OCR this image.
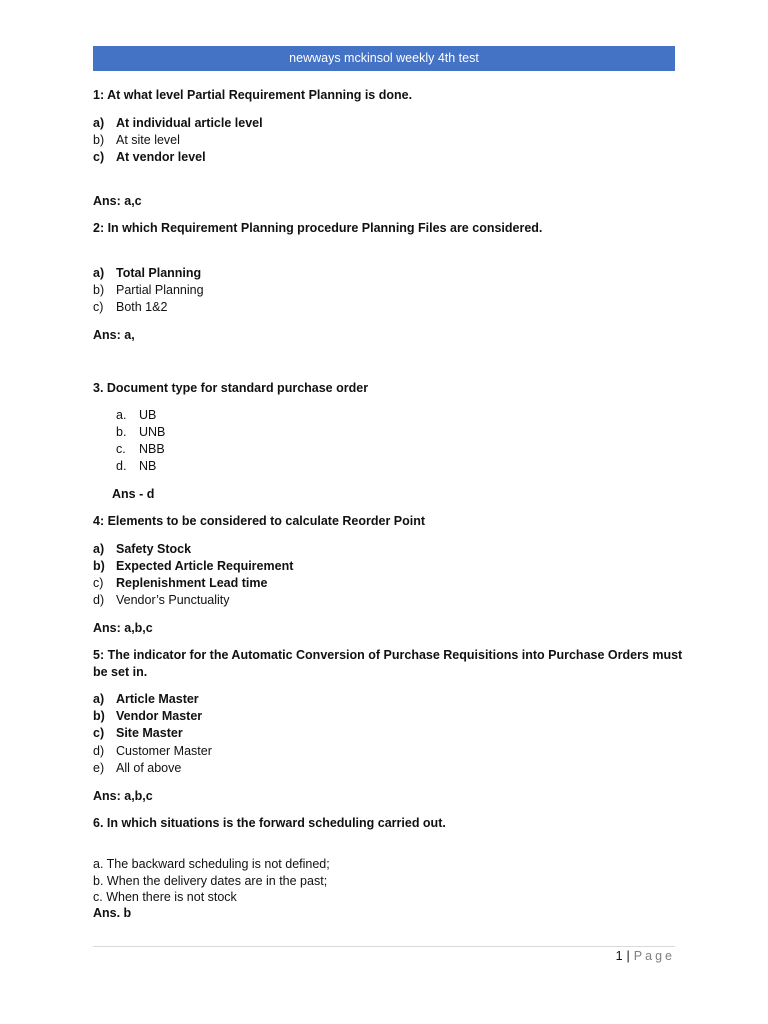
newways mckinsol weekly 4th test
1: At what level Partial Requirement Planning is done.
a) At individual article level
b) At site level
c) At vendor level
Ans: a,c
2: In which Requirement Planning procedure Planning Files are considered.
a) Total Planning
b) Partial Planning
c) Both 1&2
Ans: a,
3. Document type for standard purchase order
a. UB
b. UNB
c. NBB
d. NB
Ans - d
4: Elements to be considered to calculate Reorder Point
a) Safety Stock
b) Expected Article Requirement
c) Replenishment Lead time
d) Vendor’s Punctuality
Ans: a,b,c
5: The indicator for the Automatic Conversion of Purchase Requisitions into Purchase Orders must
be set in.
a) Article Master
b) Vendor Master
c) Site Master
d) Customer Master
e) All of above
Ans: a,b,c
6. In which situations is the forward scheduling carried out.
a. The backward scheduling is not defined;
b. When the delivery dates are in the past;
c. When there is not stock
Ans. b
1 | Page
